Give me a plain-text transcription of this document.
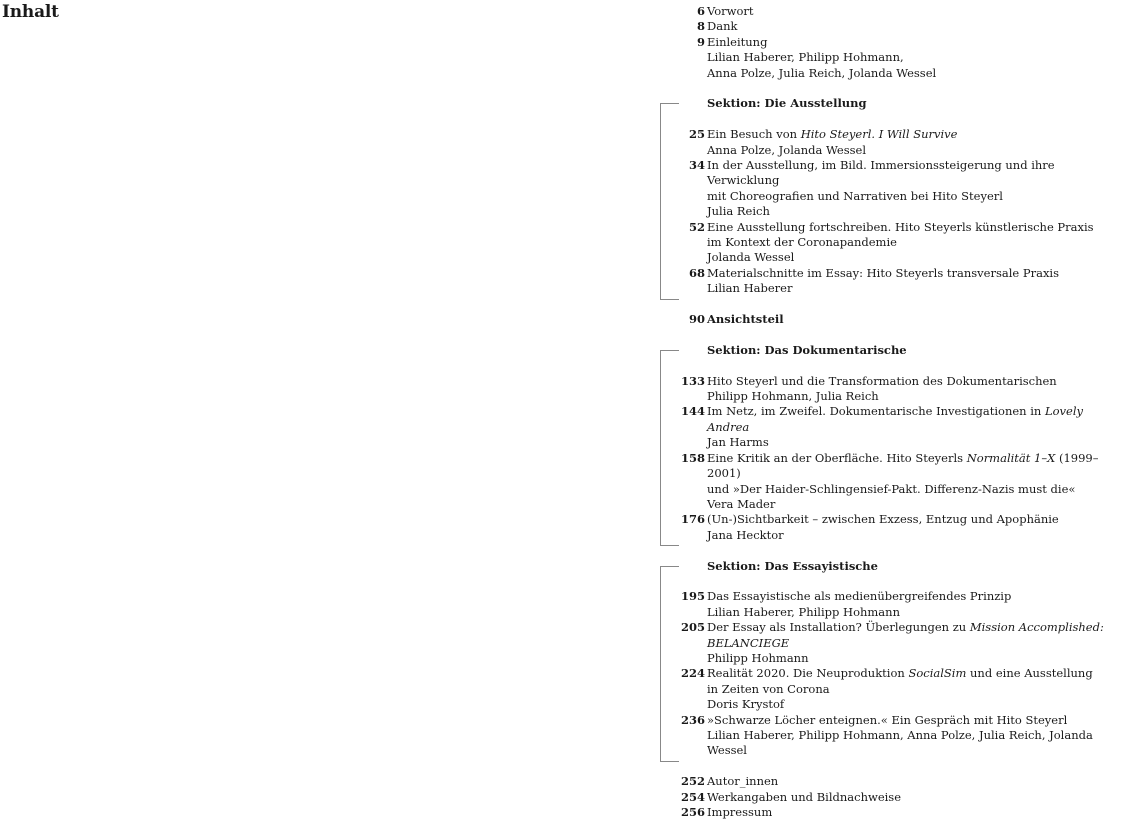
Inhalt	6 Vorwort
8 Dank
9 Einleitung
Lilian Haberer, Philipp Hohmann,
Anna Polze, Julia Reich, Jolanda Wessel
Sektion: Die Ausstellung
25 Ein Besuch von Hito Steyerl. I Will Survive
Anna Polze, Jolanda Wessel
34 In der Ausstellung, im Bild. Immersionssteigerung und ihre Verwicklung
mit Choreografien und Narrativen bei Hito Steyerl
Julia Reich
52 Eine Ausstellung fortschreiben. Hito Steyerls künstlerische Praxis
im Kontext der Coronapandemie
Jolanda Wessel
68 Materialschnitte im Essay: Hito Steyerls transversale Praxis
Lilian Haberer
90 Ansichtsteil
Sektion: Das Dokumentarische
133 Hito Steyerl und die Transformation des Dokumentarischen
Philipp Hohmann, Julia Reich
144 Im Netz, im Zweifel. Dokumentarische Investigationen in Lovely Andrea
Jan Harms
158 Eine Kritik an der Oberfläche. Hito Steyerls Normalität 1–X (1999–2001)
und »Der Haider-Schlingensief-Pakt. Differenz-Nazis must die«
Vera Mader
176 (Un-)Sichtbarkeit – zwischen Exzess, Entzug und Apophänie
Jana Hecktor
Sektion: Das Essayistische
195 Das Essayistische als medienübergreifendes Prinzip
Lilian Haberer, Philipp Hohmann
205 Der Essay als Installation? Überlegungen zu Mission Accomplished: BELANCIEGE
Philipp Hohmann
224 Realität 2020. Die Neuproduktion SocialSim und eine Ausstellung
in Zeiten von Corona
Doris Krystof
236 »Schwarze Löcher enteignen.« Ein Gespräch mit Hito Steyerl
Lilian Haberer, Philipp Hohmann, Anna Polze, Julia Reich, Jolanda Wessel
252 Autor_innen
254 Werkangaben und Bildnachweise
256 Impressum
